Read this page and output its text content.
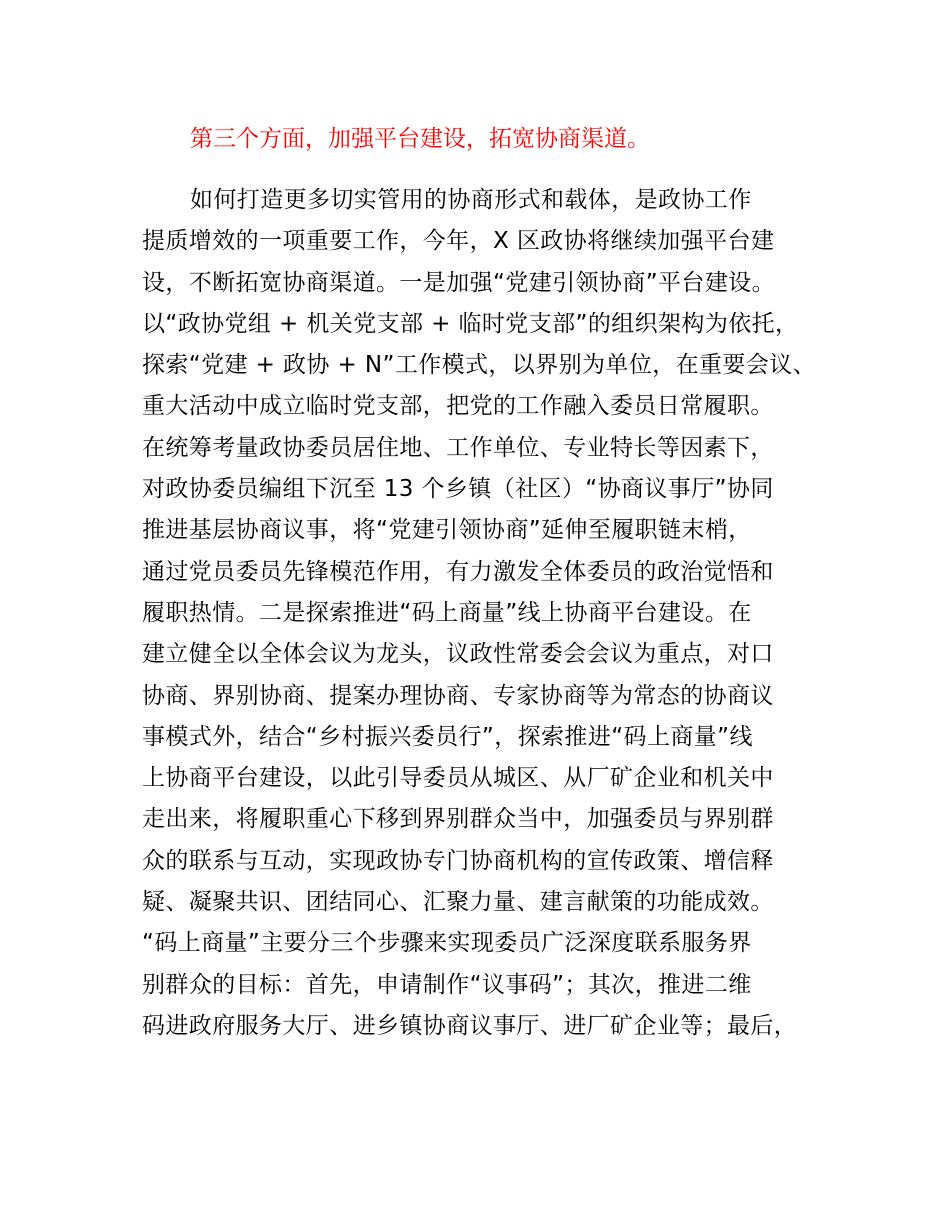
第三个方面，加强平台建设，拓宽协商渠道。
如何打造更多切实管用的协商形式和载体，是政协工作
提质增效的一项重要工作，今年，X 区政协将继续加强平台建
设，不断拓宽协商渠道。一是加强“党建引领协商”平台建设。
以“政协党组 + 机关党支部 + 临时党支部”的组织架构为依托，
探索“党建 + 政协 + N”工作模式，以界别为单位，在重要会议、
重大活动中成立临时党支部，把党的工作融入委员日常履职。
在统筹考量政协委员居住地、工作单位、专业特长等因素下，
对政协委员编组下沉至 13 个乡镇（社区）“协商议事厅”协同
推进基层协商议事，将“党建引领协商”延伸至履职链末梢，
通过党员委员先锋模范作用，有力激发全体委员的政治觉悟和
履职热情。二是探索推进“码上商量”线上协商平台建设。在
建立健全以全体会议为龙头，议政性常委会会议为重点，对口
协商、界别协商、提案办理协商、专家协商等为常态的协商议
事模式外，结合“乡村振兴委员行”，探索推进“码上商量”线
上协商平台建设，以此引导委员从城区、从厂矿企业和机关中
走出来，将履职重心下移到界别群众当中，加强委员与界别群
众的联系与互动，实现政协专门协商机构的宣传政策、增信释
疑、凝聚共识、团结同心、汇聚力量、建言献策的功能成效。
“码上商量”主要分三个步骤来实现委员广泛深度联系服务界
别群众的目标：首先，申请制作“议事码”；其次，推进二维
码进政府服务大厅、进乡镇协商议事厅、进厂矿企业等；最后，
